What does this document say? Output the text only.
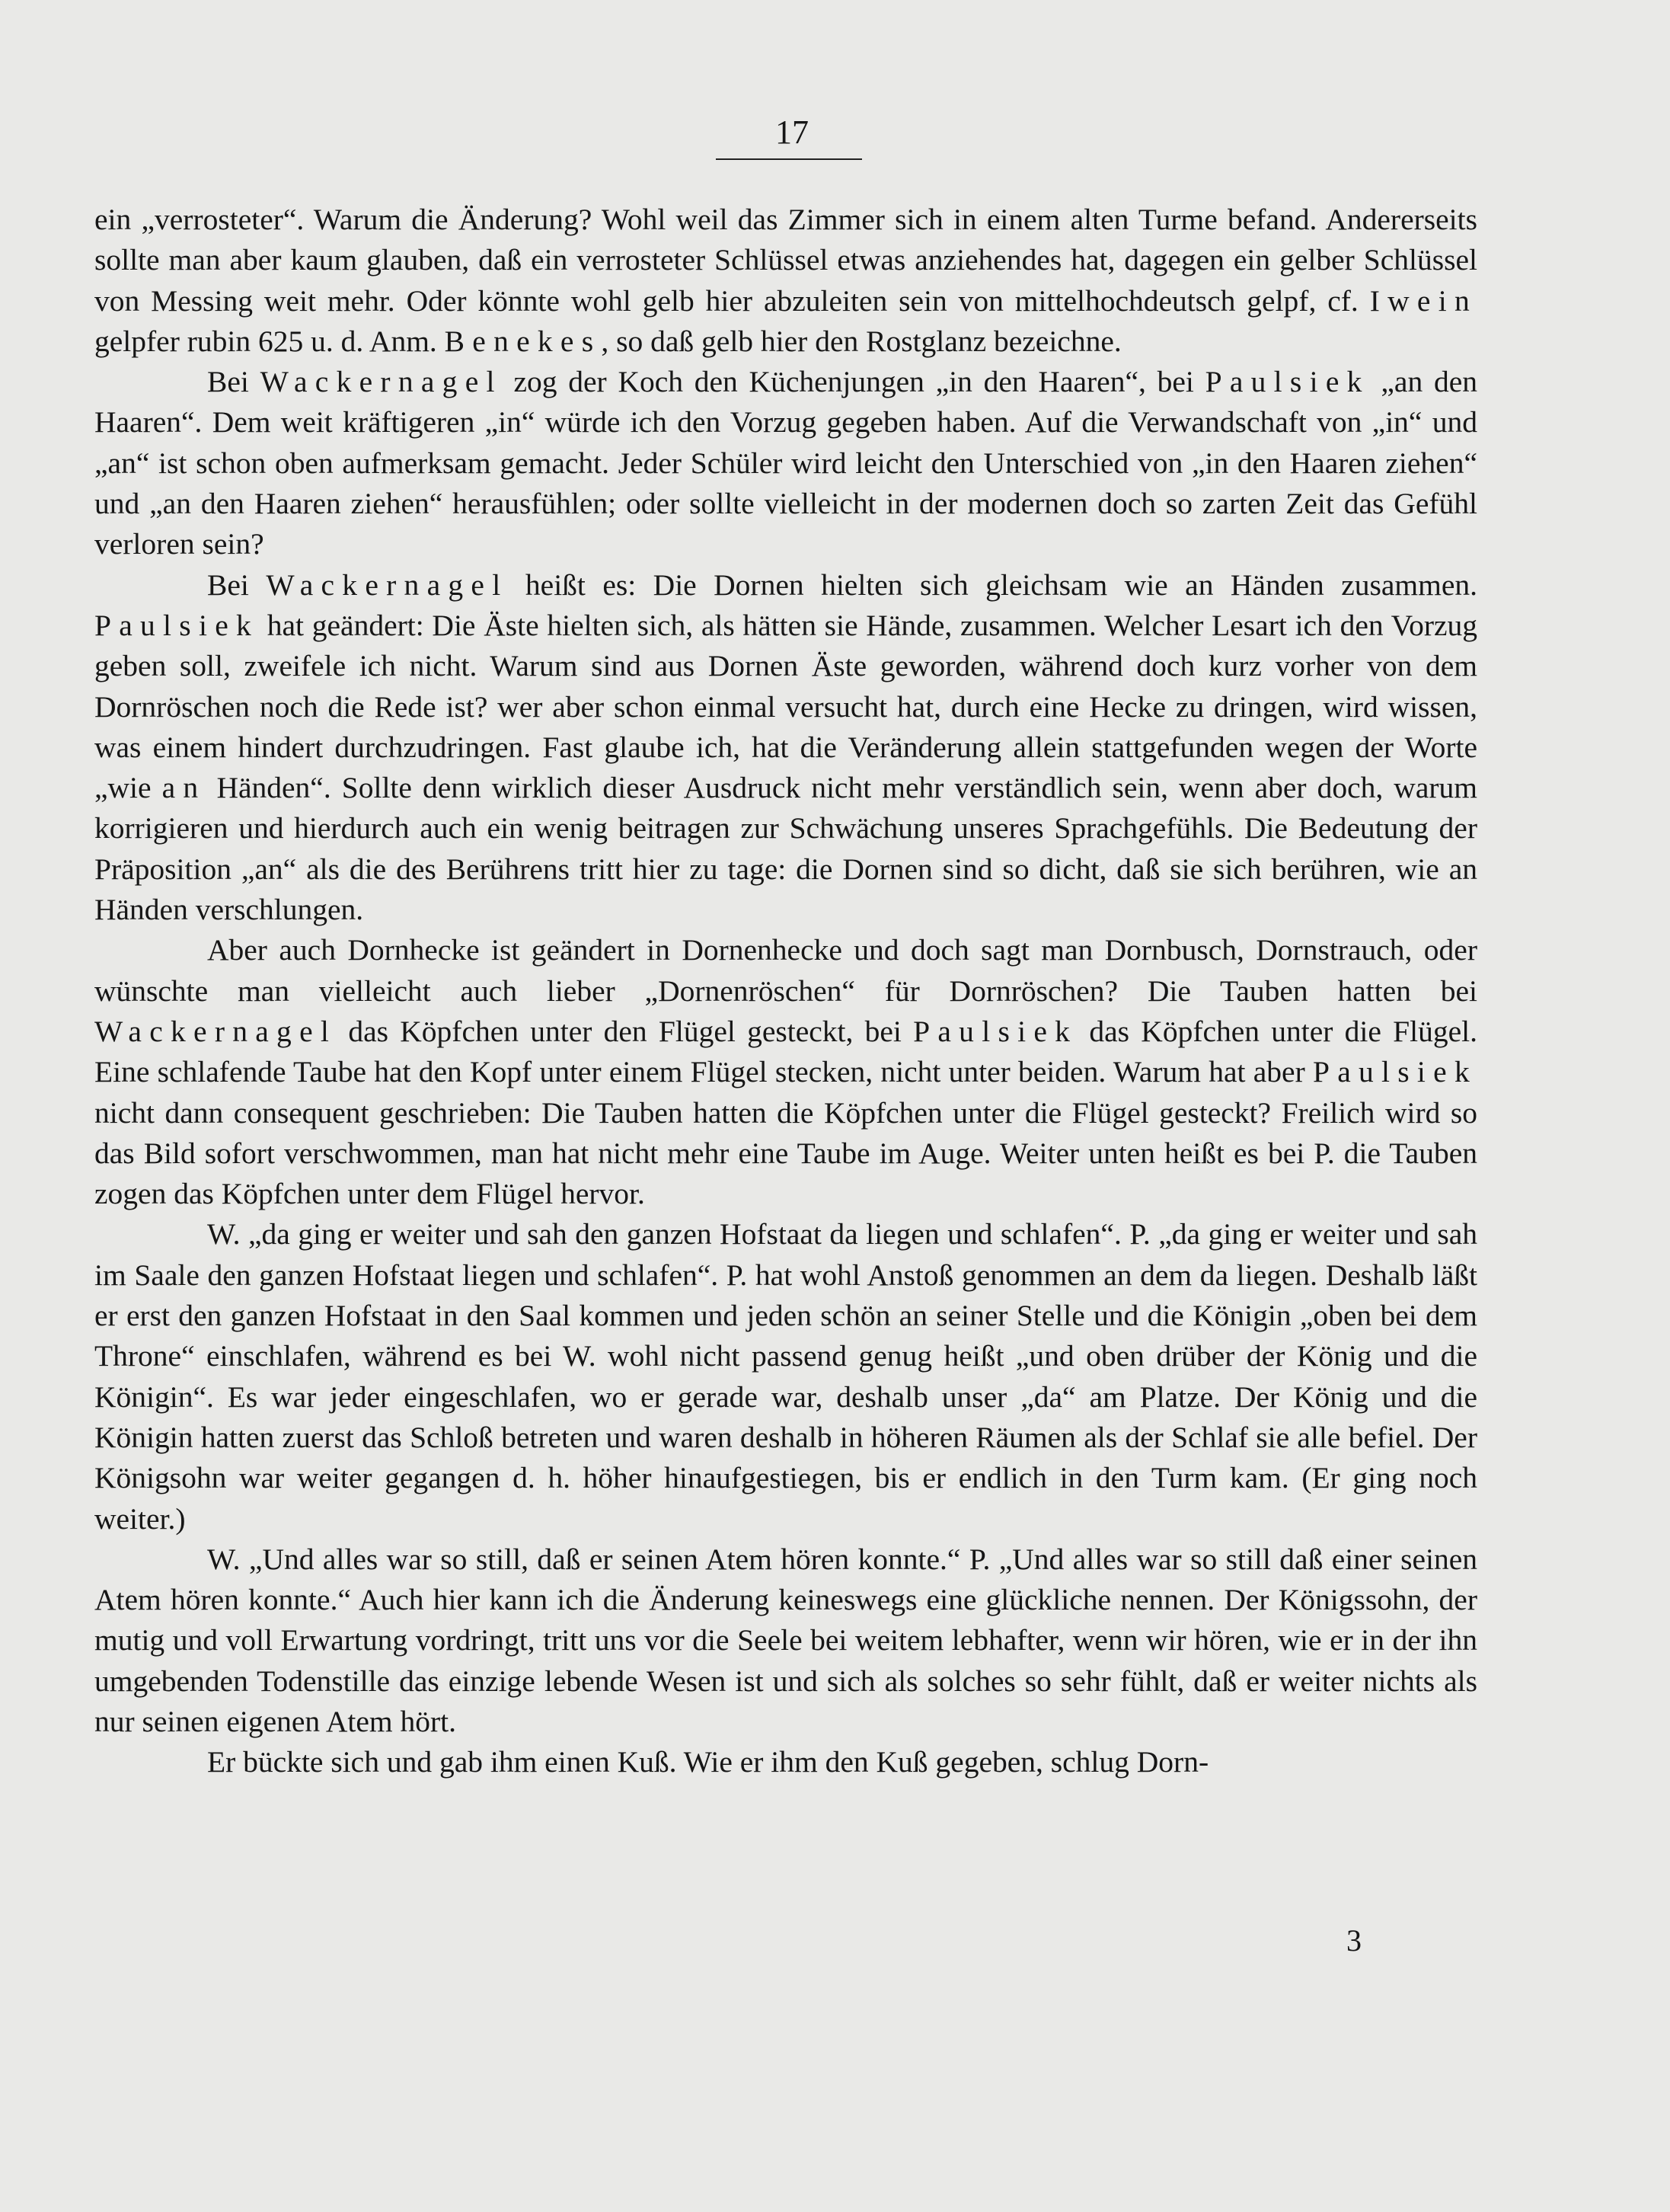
17

ein „verrosteter“. Warum die Änderung? Wohl weil das Zimmer sich in einem alten Turme befand. Andererseits sollte man aber kaum glauben, daß ein verrosteter Schlüssel etwas anziehendes hat, dagegen ein gelber Schlüssel von Messing weit mehr. Oder könnte wohl gelb hier abzuleiten sein von mittelhochdeutsch gelpf, cf. Iwein gelpfer rubin 625 u. d. Anm. Benekes, so daß gelb hier den Rostglanz bezeichne.

Bei Wackernagel zog der Koch den Küchenjungen „in den Haaren“, bei Paulsiek „an den Haaren“. Dem weit kräftigeren „in“ würde ich den Vorzug gegeben haben. Auf die Verwandschaft von „in“ und „an“ ist schon oben aufmerksam gemacht. Jeder Schüler wird leicht den Unterschied von „in den Haaren ziehen“ und „an den Haaren ziehen“ herausfühlen; oder sollte vielleicht in der modernen doch so zarten Zeit das Gefühl verloren sein?

Bei Wackernagel heißt es: Die Dornen hielten sich gleichsam wie an Händen zusammen. Paulsiek hat geändert: Die Äste hielten sich, als hätten sie Hände, zusammen. Welcher Lesart ich den Vorzug geben soll, zweifele ich nicht. Warum sind aus Dornen Äste geworden, während doch kurz vorher von dem Dornröschen noch die Rede ist? wer aber schon einmal versucht hat, durch eine Hecke zu dringen, wird wissen, was einem hindert durchzudringen. Fast glaube ich, hat die Veränderung allein stattgefunden wegen der Worte „wie an Händen“. Sollte denn wirklich dieser Ausdruck nicht mehr verständlich sein, wenn aber doch, warum korrigieren und hierdurch auch ein wenig beitragen zur Schwächung unseres Sprachgefühls. Die Bedeutung der Präposition „an“ als die des Berührens tritt hier zu tage: die Dornen sind so dicht, daß sie sich berühren, wie an Händen verschlungen.

Aber auch Dornhecke ist geändert in Dornenhecke und doch sagt man Dornbusch, Dornstrauch, oder wünschte man vielleicht auch lieber „Dornenröschen“ für Dornröschen? Die Tauben hatten bei Wackernagel das Köpfchen unter den Flügel gesteckt, bei Paulsiek das Köpfchen unter die Flügel. Eine schlafende Taube hat den Kopf unter einem Flügel stecken, nicht unter beiden. Warum hat aber Paulsiek nicht dann consequent geschrieben: Die Tauben hatten die Köpfchen unter die Flügel gesteckt? Freilich wird so das Bild sofort verschwommen, man hat nicht mehr eine Taube im Auge. Weiter unten heißt es bei P. die Tauben zogen das Köpfchen unter dem Flügel hervor.

W. „da ging er weiter und sah den ganzen Hofstaat da liegen und schlafen“. P. „da ging er weiter und sah im Saale den ganzen Hofstaat liegen und schlafen“. P. hat wohl Anstoß genommen an dem da liegen. Deshalb läßt er erst den ganzen Hofstaat in den Saal kommen und jeden schön an seiner Stelle und die Königin „oben bei dem Throne“ einschlafen, während es bei W. wohl nicht passend genug heißt „und oben drüber der König und die Königin“. Es war jeder eingeschlafen, wo er gerade war, deshalb unser „da“ am Platze. Der König und die Königin hatten zuerst das Schloß betreten und waren deshalb in höheren Räumen als der Schlaf sie alle befiel. Der Königsohn war weiter gegangen d. h. höher hinaufgestiegen, bis er endlich in den Turm kam. (Er ging noch weiter.)

W. „Und alles war so still, daß er seinen Atem hören konnte.“ P. „Und alles war so still daß einer seinen Atem hören konnte.“ Auch hier kann ich die Änderung keineswegs eine glückliche nennen. Der Königssohn, der mutig und voll Erwartung vordringt, tritt uns vor die Seele bei weitem lebhafter, wenn wir hören, wie er in der ihn umgebenden Todenstille das einzige lebende Wesen ist und sich als solches so sehr fühlt, daß er weiter nichts als nur seinen eigenen Atem hört.

Er bückte sich und gab ihm einen Kuß. Wie er ihm den Kuß gegeben, schlug Dorn-

3
